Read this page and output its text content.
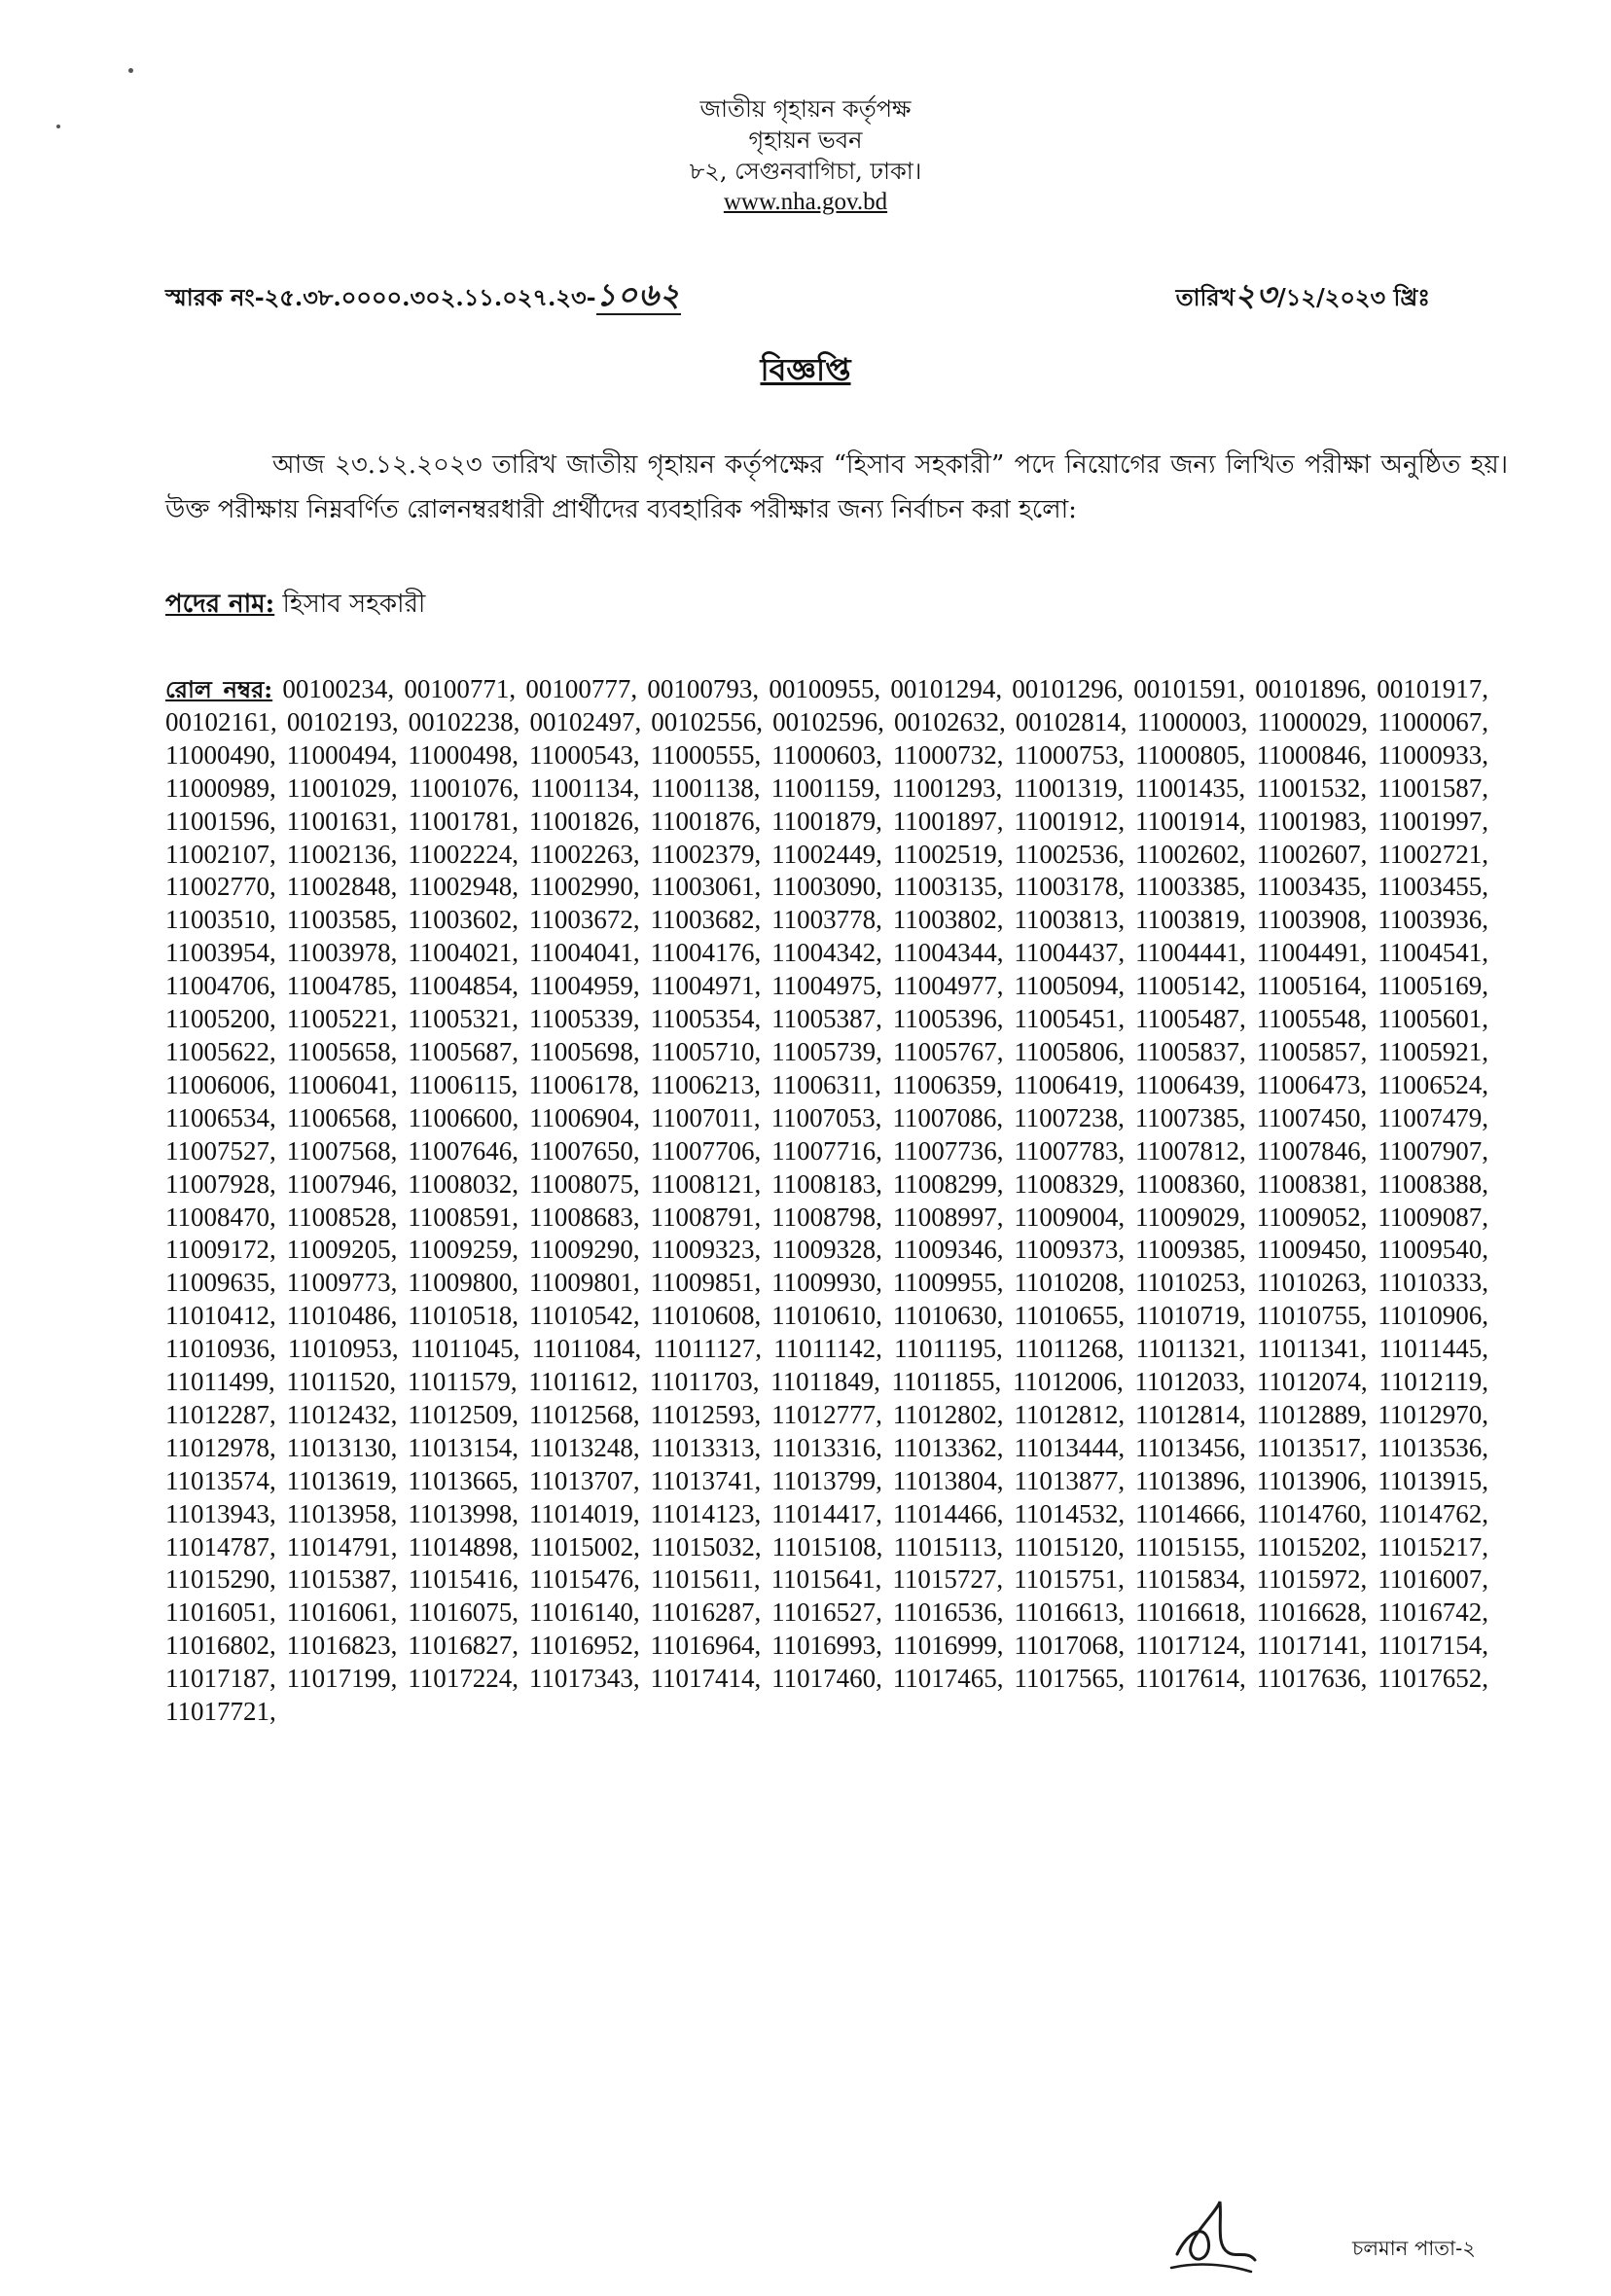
জাতীয় গৃহায়ন কর্তৃপক্ষ
গৃহায়ন ভবন
৮২, সেগুনবাগিচা, ঢাকা।
www.nha.gov.bd
স্মারক নং-২৫.৩৮.০০০০.৩০২.১১.০২৭.২৩-১০৬২	তারিখ২৩/১২/২০২৩ খ্রিঃ
বিজ্ঞপ্তি
আজ ২৩.১২.২০২৩ তারিখ জাতীয় গৃহায়ন কর্তৃপক্ষের “হিসাব সহকারী” পদে নিয়োগের জন্য লিখিত পরীক্ষা অনুষ্ঠিত হয়। উক্ত পরীক্ষায় নিম্নবর্ণিত রোলনম্বরধারী প্রার্থীদের ব্যবহারিক পরীক্ষার জন্য নির্বাচন করা হলো:
পদের নাম: হিসাব সহকারী
রোল নম্বর: 00100234, 00100771, 00100777, 00100793, 00100955, 00101294, 00101296, 00101591, 00101896, 00101917, 00102161, 00102193, 00102238, 00102497, 00102556, 00102596, 00102632, 00102814, 11000003, 11000029, 11000067, 11000490, 11000494, 11000498, 11000543, 11000555, 11000603, 11000732, 11000753, 11000805, 11000846, 11000933, 11000989, 11001029, 11001076, 11001134, 11001138, 11001159, 11001293, 11001319, 11001435, 11001532, 11001587, 11001596, 11001631, 11001781, 11001826, 11001876, 11001879, 11001897, 11001912, 11001914, 11001983, 11001997, 11002107, 11002136, 11002224, 11002263, 11002379, 11002449, 11002519, 11002536, 11002602, 11002607, 11002721, 11002770, 11002848, 11002948, 11002990, 11003061, 11003090, 11003135, 11003178, 11003385, 11003435, 11003455, 11003510, 11003585, 11003602, 11003672, 11003682, 11003778, 11003802, 11003813, 11003819, 11003908, 11003936, 11003954, 11003978, 11004021, 11004041, 11004176, 11004342, 11004344, 11004437, 11004441, 11004491, 11004541, 11004706, 11004785, 11004854, 11004959, 11004971, 11004975, 11004977, 11005094, 11005142, 11005164, 11005169, 11005200, 11005221, 11005321, 11005339, 11005354, 11005387, 11005396, 11005451, 11005487, 11005548, 11005601, 11005622, 11005658, 11005687, 11005698, 11005710, 11005739, 11005767, 11005806, 11005837, 11005857, 11005921, 11006006, 11006041, 11006115, 11006178, 11006213, 11006311, 11006359, 11006419, 11006439, 11006473, 11006524, 11006534, 11006568, 11006600, 11006904, 11007011, 11007053, 11007086, 11007238, 11007385, 11007450, 11007479, 11007527, 11007568, 11007646, 11007650, 11007706, 11007716, 11007736, 11007783, 11007812, 11007846, 11007907, 11007928, 11007946, 11008032, 11008075, 11008121, 11008183, 11008299, 11008329, 11008360, 11008381, 11008388, 11008470, 11008528, 11008591, 11008683, 11008791, 11008798, 11008997, 11009004, 11009029, 11009052, 11009087, 11009172, 11009205, 11009259, 11009290, 11009323, 11009328, 11009346, 11009373, 11009385, 11009450, 11009540, 11009635, 11009773, 11009800, 11009801, 11009851, 11009930, 11009955, 11010208, 11010253, 11010263, 11010333, 11010412, 11010486, 11010518, 11010542, 11010608, 11010610, 11010630, 11010655, 11010719, 11010755, 11010906, 11010936, 11010953, 11011045, 11011084, 11011127, 11011142, 11011195, 11011268, 11011321, 11011341, 11011445, 11011499, 11011520, 11011579, 11011612, 11011703, 11011849, 11011855, 11012006, 11012033, 11012074, 11012119, 11012287, 11012432, 11012509, 11012568, 11012593, 11012777, 11012802, 11012812, 11012814, 11012889, 11012970, 11012978, 11013130, 11013154, 11013248, 11013313, 11013316, 11013362, 11013444, 11013456, 11013517, 11013536, 11013574, 11013619, 11013665, 11013707, 11013741, 11013799, 11013804, 11013877, 11013896, 11013906, 11013915, 11013943, 11013958, 11013998, 11014019, 11014123, 11014417, 11014466, 11014532, 11014666, 11014760, 11014762, 11014787, 11014791, 11014898, 11015002, 11015032, 11015108, 11015113, 11015120, 11015155, 11015202, 11015217, 11015290, 11015387, 11015416, 11015476, 11015611, 11015641, 11015727, 11015751, 11015834, 11015972, 11016007, 11016051, 11016061, 11016075, 11016140, 11016287, 11016527, 11016536, 11016613, 11016618, 11016628, 11016742, 11016802, 11016823, 11016827, 11016952, 11016964, 11016993, 11016999, 11017068, 11017124, 11017141, 11017154, 11017187, 11017199, 11017224, 11017343, 11017414, 11017460, 11017465, 11017565, 11017614, 11017636, 11017652, 11017721,
চলমান পাতা-২
